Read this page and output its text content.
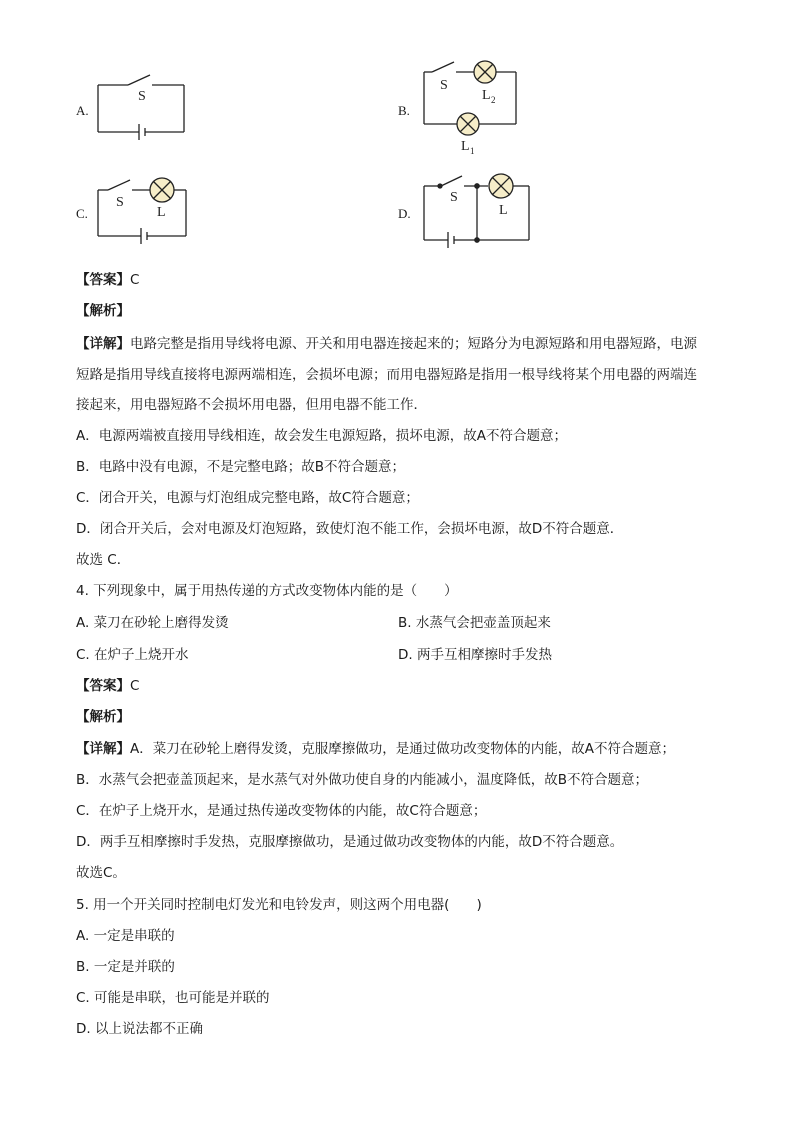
A.
S
B.
S
L 2
L 1
C.
S
L	D.
S
L
【答案】C
【解析】
【详解】电路完整是指用导线将电源、开关和用电器连接起来的；短路分为电源短路和用电器短路，电源
短路是指用导线直接将电源两端相连，会损坏电源；而用电器短路是指用一根导线将某个用电器的两端连
接起来，用电器短路不会损坏用电器，但用电器不能工作．
A．电源两端被直接用导线相连，故会发生电源短路，损坏电源，故A不符合题意；
B．电路中没有电源，不是完整电路；故B不符合题意；
C．闭合开关，电源与灯泡组成完整电路，故C符合题意；
D．闭合开关后，会对电源及灯泡短路，致使灯泡不能工作，会损坏电源，故D不符合题意．
故选 C．
4. 下列现象中，属于用热传递的方式改变物体内能的是（　　）
A. 菜刀在砂轮上磨得发烫	B. 水蒸气会把壶盖顶起来
C. 在炉子上烧开水	D. 两手互相摩擦时手发热
【答案】C
【解析】
【详解】A．菜刀在砂轮上磨得发烫，克服摩擦做功，是通过做功改变物体的内能，故A不符合题意；
B．水蒸气会把壶盖顶起来，是水蒸气对外做功使自身的内能减小，温度降低，故B不符合题意；
C．在炉子上烧开水，是通过热传递改变物体的内能，故C符合题意；
D．两手互相摩擦时手发热，克服摩擦做功，是通过做功改变物体的内能，故D不符合题意。
故选C。
5. 用一个开关同时控制电灯发光和电铃发声，则这两个用电器(　　)
A. 一定是串联的
B. 一定是并联的
C. 可能是串联，也可能是并联的
D. 以上说法都不正确
